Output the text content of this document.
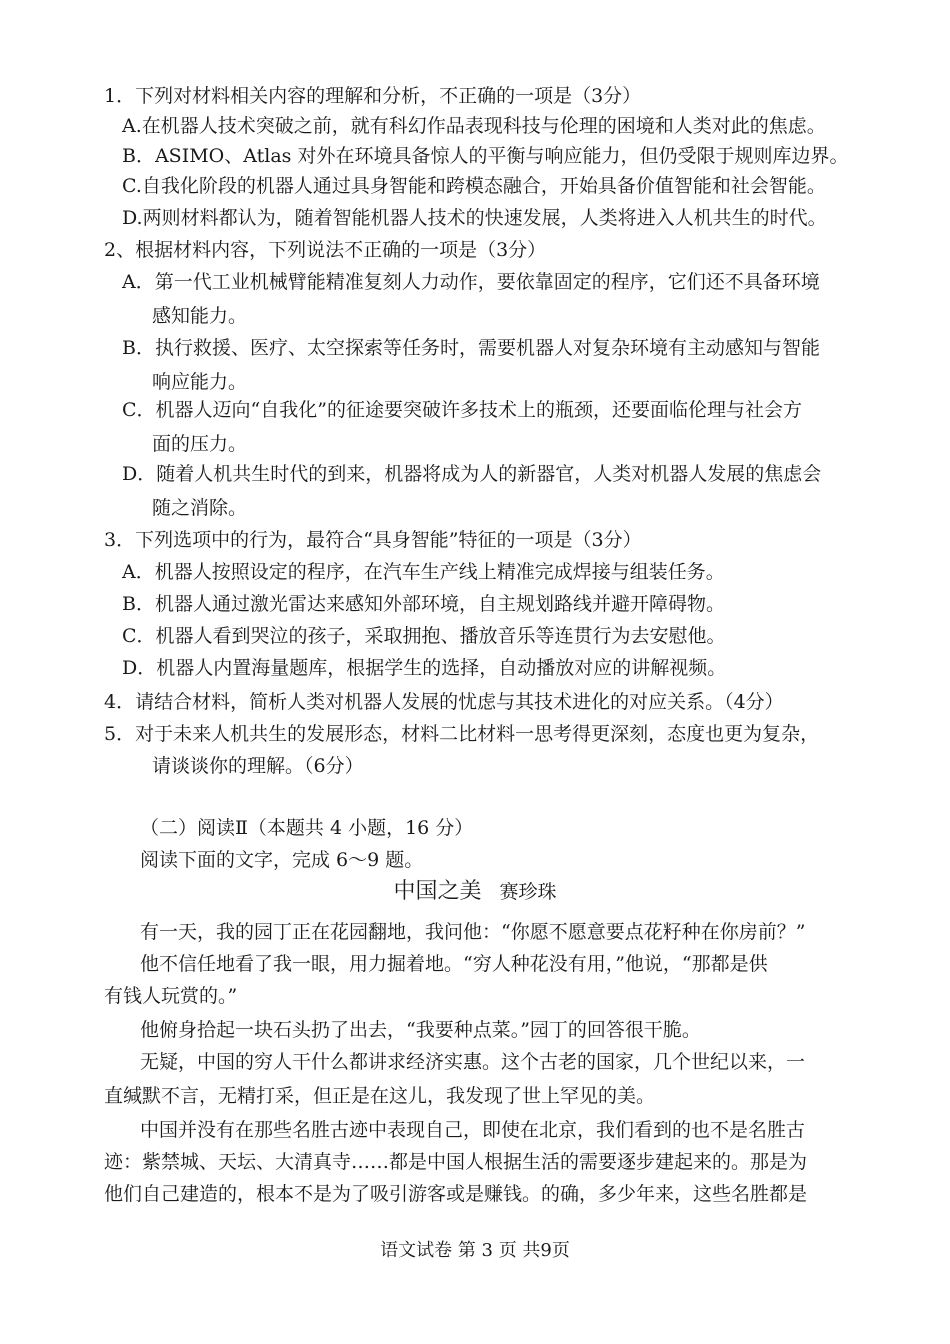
1．下列对材料相关内容的理解和分析，不正确的一项是（3分）
A.在机器人技术突破之前，就有科幻作品表现科技与伦理的困境和人类对此的焦虑。
B．ASIMO、Atlas 对外在环境具备惊人的平衡与响应能力，但仍受限于规则库边界。
C.自我化阶段的机器人通过具身智能和跨模态融合，开始具备价值智能和社会智能。
D.两则材料都认为，随着智能机器人技术的快速发展，人类将进入人机共生的时代。
2、根据材料内容，下列说法不正确的一项是（3分）
A．第一代工业机械臂能精准复刻人力动作，要依靠固定的程序，它们还不具备环境
感知能力。
B．执行救援、医疗、太空探索等任务时，需要机器人对复杂环境有主动感知与智能
响应能力。
C．机器人迈向“自我化”的征途要突破许多技术上的瓶颈，还要面临伦理与社会方
面的压力。
D．随着人机共生时代的到来，机器将成为人的新器官，人类对机器人发展的焦虑会
随之消除。
3．下列选项中的行为，最符合“具身智能”特征的一项是（3分）
A．机器人按照设定的程序，在汽车生产线上精准完成焊接与组装任务。
B．机器人通过激光雷达来感知外部环境，自主规划路线并避开障碍物。
C．机器人看到哭泣的孩子，采取拥抱、播放音乐等连贯行为去安慰他。
D．机器人内置海量题库，根据学生的选择，自动播放对应的讲解视频。
4．请结合材料，简析人类对机器人发展的忧虑与其技术进化的对应关系。（4分）
5．对于未来人机共生的发展形态，材料二比材料一思考得更深刻，态度也更为复杂，
请谈谈你的理解。（6分）
（二）阅读Ⅱ（本题共 4 小题，16 分）
阅读下面的文字，完成 6～9 题。
中国之美 赛珍珠
有一天，我的园丁正在花园翻地，我问他：“你愿不愿意要点花籽种在你房前？”
他不信任地看了我一眼，用力掘着地。“穷人种花没有用，”他说，“那都是供
有钱人玩赏的。”
他俯身拾起一块石头扔了出去，“我要种点菜。”园丁的回答很干脆。
无疑，中国的穷人干什么都讲求经济实惠。这个古老的国家，几个世纪以来，一
直缄默不言，无精打采，但正是在这儿，我发现了世上罕见的美。
中国并没有在那些名胜古迹中表现自己，即使在北京，我们看到的也不是名胜古
迹：紫禁城、天坛、大清真寺……都是中国人根据生活的需要逐步建起来的。那是为
他们自己建造的，根本不是为了吸引游客或是赚钱。的确，多少年来，这些名胜都是
语文试卷 第 3 页 共9页
